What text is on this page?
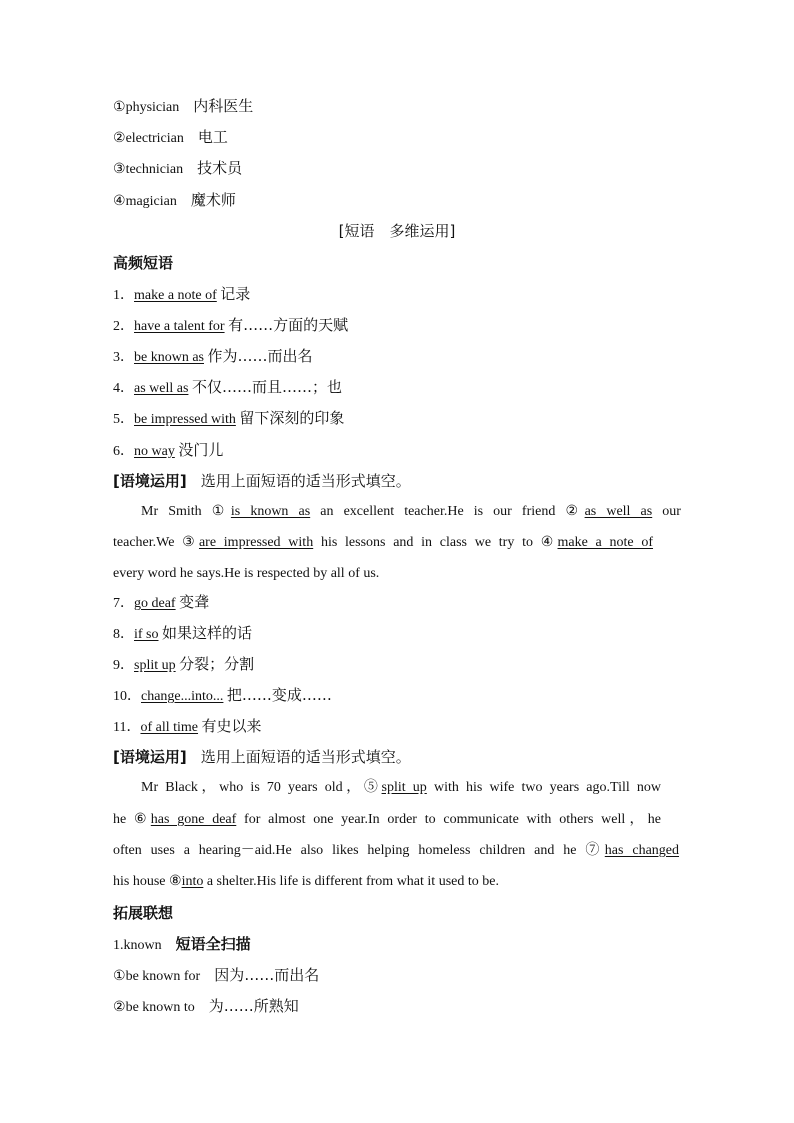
①physician 内科医生
②electrician 电工
③technician 技术员
④magician 魔术师
[短语　多维运用]
高频短语
1．make a note of 记录
2．have a talent for 有……方面的天赋
3．be known as 作为……而出名
4．as well as 不仅……而且……；也
5．be impressed with 留下深刻的印象
6．no way 没门儿
[语境运用] 选用上面短语的适当形式填空。
Mr Smith ①is known as an excellent teacher.He is our friend ②as well as our
teacher.We ③are impressed with his lessons and in class we try to ④make a note of
every word he says.He is respected by all of us.
7．go deaf 变聋
8．if so 如果这样的话
9．split up 分裂；分割
10．change...into... 把……变成……
11．of all time 有史以来
[语境运用] 选用上面短语的适当形式填空。
Mr Black，who is 70 years old，⑤split up with his wife two years ago.Till now
he ⑥has gone deaf for almost one year.In order to communicate with others well，he
often uses a hearing－aid.He also likes helping homeless children and he ⑦has changed
his house ⑧into a shelter.His life is different from what it used to be.
拓展联想
1.known 短语全扫描
①be known for 因为……而出名
②be known to 为……所熟知
